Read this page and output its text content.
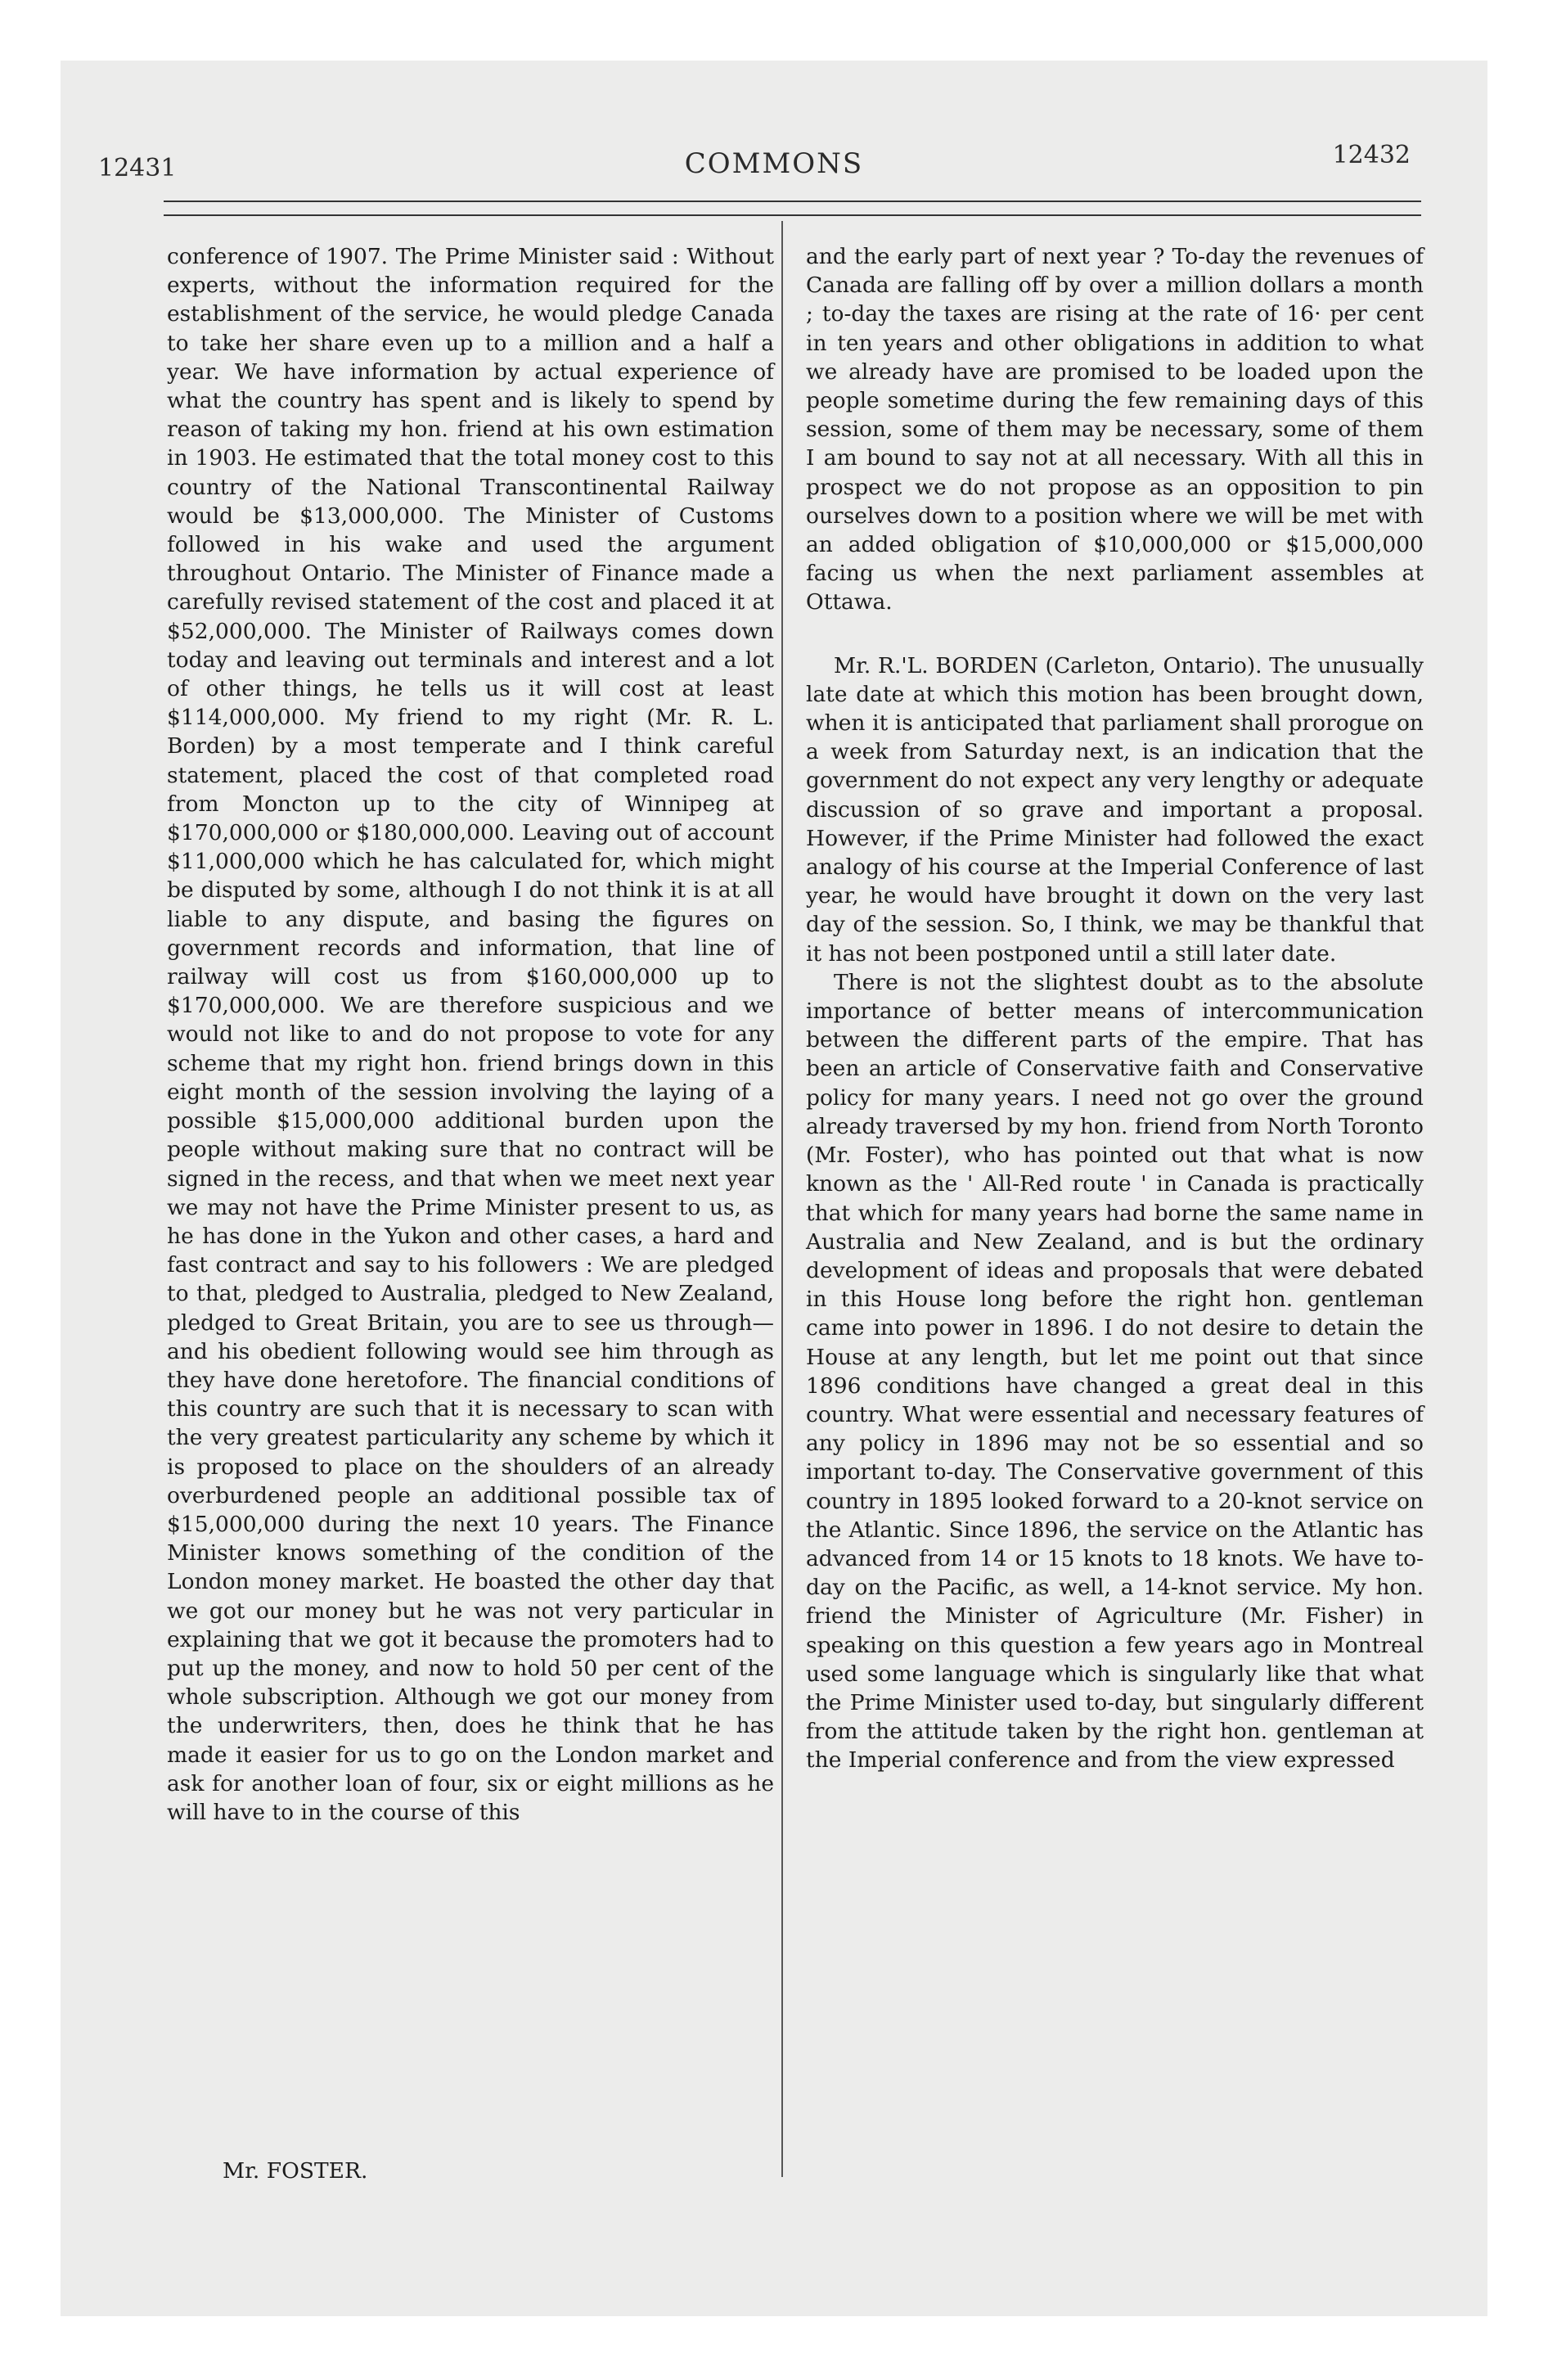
12431	COMMONS	12432

conference of 1907. The Prime Minister said : Without experts, without the information required for the establishment of the service, he would pledge Canada to take her share even up to a million and a half a year. We have information by actual experience of what the country has spent and is likely to spend by reason of taking my hon. friend at his own estimation in 1903. He estimated that the total money cost to this country of the National Transcontinental Railway would be $13,000,000. The Minister of Customs followed in his wake and used the argument throughout Ontario. The Minister of Finance made a carefully revised statement of the cost and placed it at $52,000,000. The Minister of Railways comes down today and leaving out terminals and interest and a lot of other things, he tells us it will cost at least $114,000,000. My friend to my right (Mr. R. L. Borden) by a most temperate and I think careful statement, placed the cost of that completed road from Moncton up to the city of Winnipeg at $170,000,000 or $180,000,000. Leaving out of account $11,000,000 which he has calculated for, which might be disputed by some, although I do not think it is at all liable to any dispute, and basing the figures on government records and information, that line of railway will cost us from $160,000,000 up to $170,000,000. We are therefore suspicious and we would not like to and do not propose to vote for any scheme that my right hon. friend brings down in this eight month of the session involving the laying of a possible $15,000,000 additional burden upon the people without making sure that no contract will be signed in the recess, and that when we meet next year we may not have the Prime Minister present to us, as he has done in the Yukon and other cases, a hard and fast contract and say to his followers : We are pledged to that, pledged to Australia, pledged to New Zealand, pledged to Great Britain, you are to see us through—and his obedient following would see him through as they have done heretofore. The financial conditions of this country are such that it is necessary to scan with the very greatest particularity any scheme by which it is proposed to place on the shoulders of an already overburdened people an additional possible tax of $15,000,000 during the next 10 years. The Finance Minister knows something of the condition of the London money market. He boasted the other day that we got our money but he was not very particular in explaining that we got it because the promoters had to put up the money, and now to hold 50 per cent of the whole subscription. Although we got our money from the underwriters, then, does he think that he has made it easier for us to go on the London market and ask for another loan of four, six or eight millions as he will have to in the course of this

and the early part of next year ? To-day the revenues of Canada are falling off by over a million dollars a month ; to-day the taxes are rising at the rate of 16· per cent in ten years and other obligations in addition to what we already have are promised to be loaded upon the people sometime during the few remaining days of this session, some of them may be necessary, some of them I am bound to say not at all necessary. With all this in prospect we do not propose as an opposition to pin ourselves down to a position where we will be met with an added obligation of $10,000,000 or $15,000,000 facing us when the next parliament assembles at Ottawa.

Mr. R.'L. BORDEN (Carleton, Ontario). The unusually late date at which this motion has been brought down, when it is anticipated that parliament shall prorogue on a week from Saturday next, is an indication that the government do not expect any very lengthy or adequate discussion of so grave and important a proposal. However, if the Prime Minister had followed the exact analogy of his course at the Imperial Conference of last year, he would have brought it down on the very last day of the session. So, I think, we may be thankful that it has not been postponed until a still later date.

There is not the slightest doubt as to the absolute importance of better means of intercommunication between the different parts of the empire. That has been an article of Conservative faith and Conservative policy for many years. I need not go over the ground already traversed by my hon. friend from North Toronto (Mr. Foster), who has pointed out that what is now known as the ' All-Red route ' in Canada is practically that which for many years had borne the same name in Australia and New Zealand, and is but the ordinary development of ideas and proposals that were debated in this House long before the right hon. gentleman came into power in 1896. I do not desire to detain the House at any length, but let me point out that since 1896 conditions have changed a great deal in this country. What were essential and necessary features of any policy in 1896 may not be so essential and so important to-day. The Conservative government of this country in 1895 looked forward to a 20-knot service on the Atlantic. Since 1896, the service on the Atlantic has advanced from 14 or 15 knots to 18 knots. We have to-day on the Pacific, as well, a 14-knot service. My hon. friend the Minister of Agriculture (Mr. Fisher) in speaking on this question a few years ago in Montreal used some language which is singularly like that what the Prime Minister used to-day, but singularly different from the attitude taken by the right hon. gentleman at the Imperial conference and from the view expressed

Mr. FOSTER.
